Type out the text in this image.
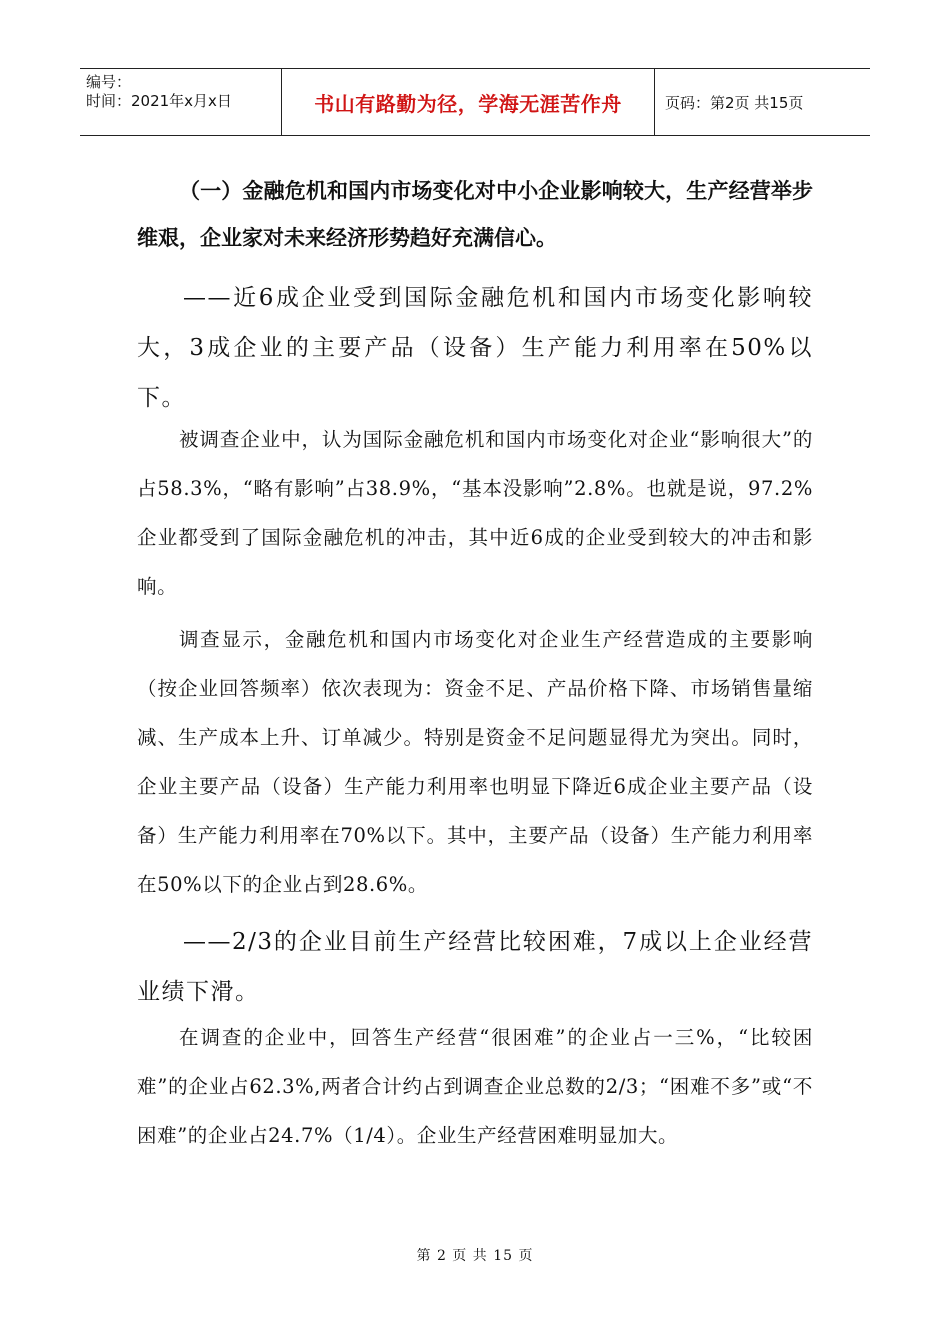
编号：
时间：2021年x月x日	书山有路勤为径，学海无涯苦作舟	页码：第2页 共15页

（一）金融危机和国内市场变化对中小企业影响较大，生产经营举步维艰，企业家对未来经济形势趋好充满信心。

——近6成企业受到国际金融危机和国内市场变化影响较大，3成企业的主要产品（设备）生产能力利用率在50%以下。

被调查企业中，认为国际金融危机和国内市场变化对企业“影响很大”的占58.3%，“略有影响”占38.9%，“基本没影响”2.8%。也就是说，97.2%企业都受到了国际金融危机的冲击，其中近6成的企业受到较大的冲击和影响。

调查显示，金融危机和国内市场变化对企业生产经营造成的主要影响（按企业回答频率）依次表现为：资金不足、产品价格下降、市场销售量缩减、生产成本上升、订单减少。特别是资金不足问题显得尤为突出。同时，企业主要产品（设备）生产能力利用率也明显下降近6成企业主要产品（设备）生产能力利用率在70%以下。其中，主要产品（设备）生产能力利用率在50%以下的企业占到28.6%。

——2/3的企业目前生产经营比较困难，7成以上企业经营业绩下滑。

在调查的企业中，回答生产经营“很困难”的企业占一三%，“比较困难”的企业占62.3%,两者合计约占到调查企业总数的2/3；“困难不多”或“不困难”的企业占24.7%（1/4）。企业生产经营困难明显加大。

第 2 页 共 15 页
